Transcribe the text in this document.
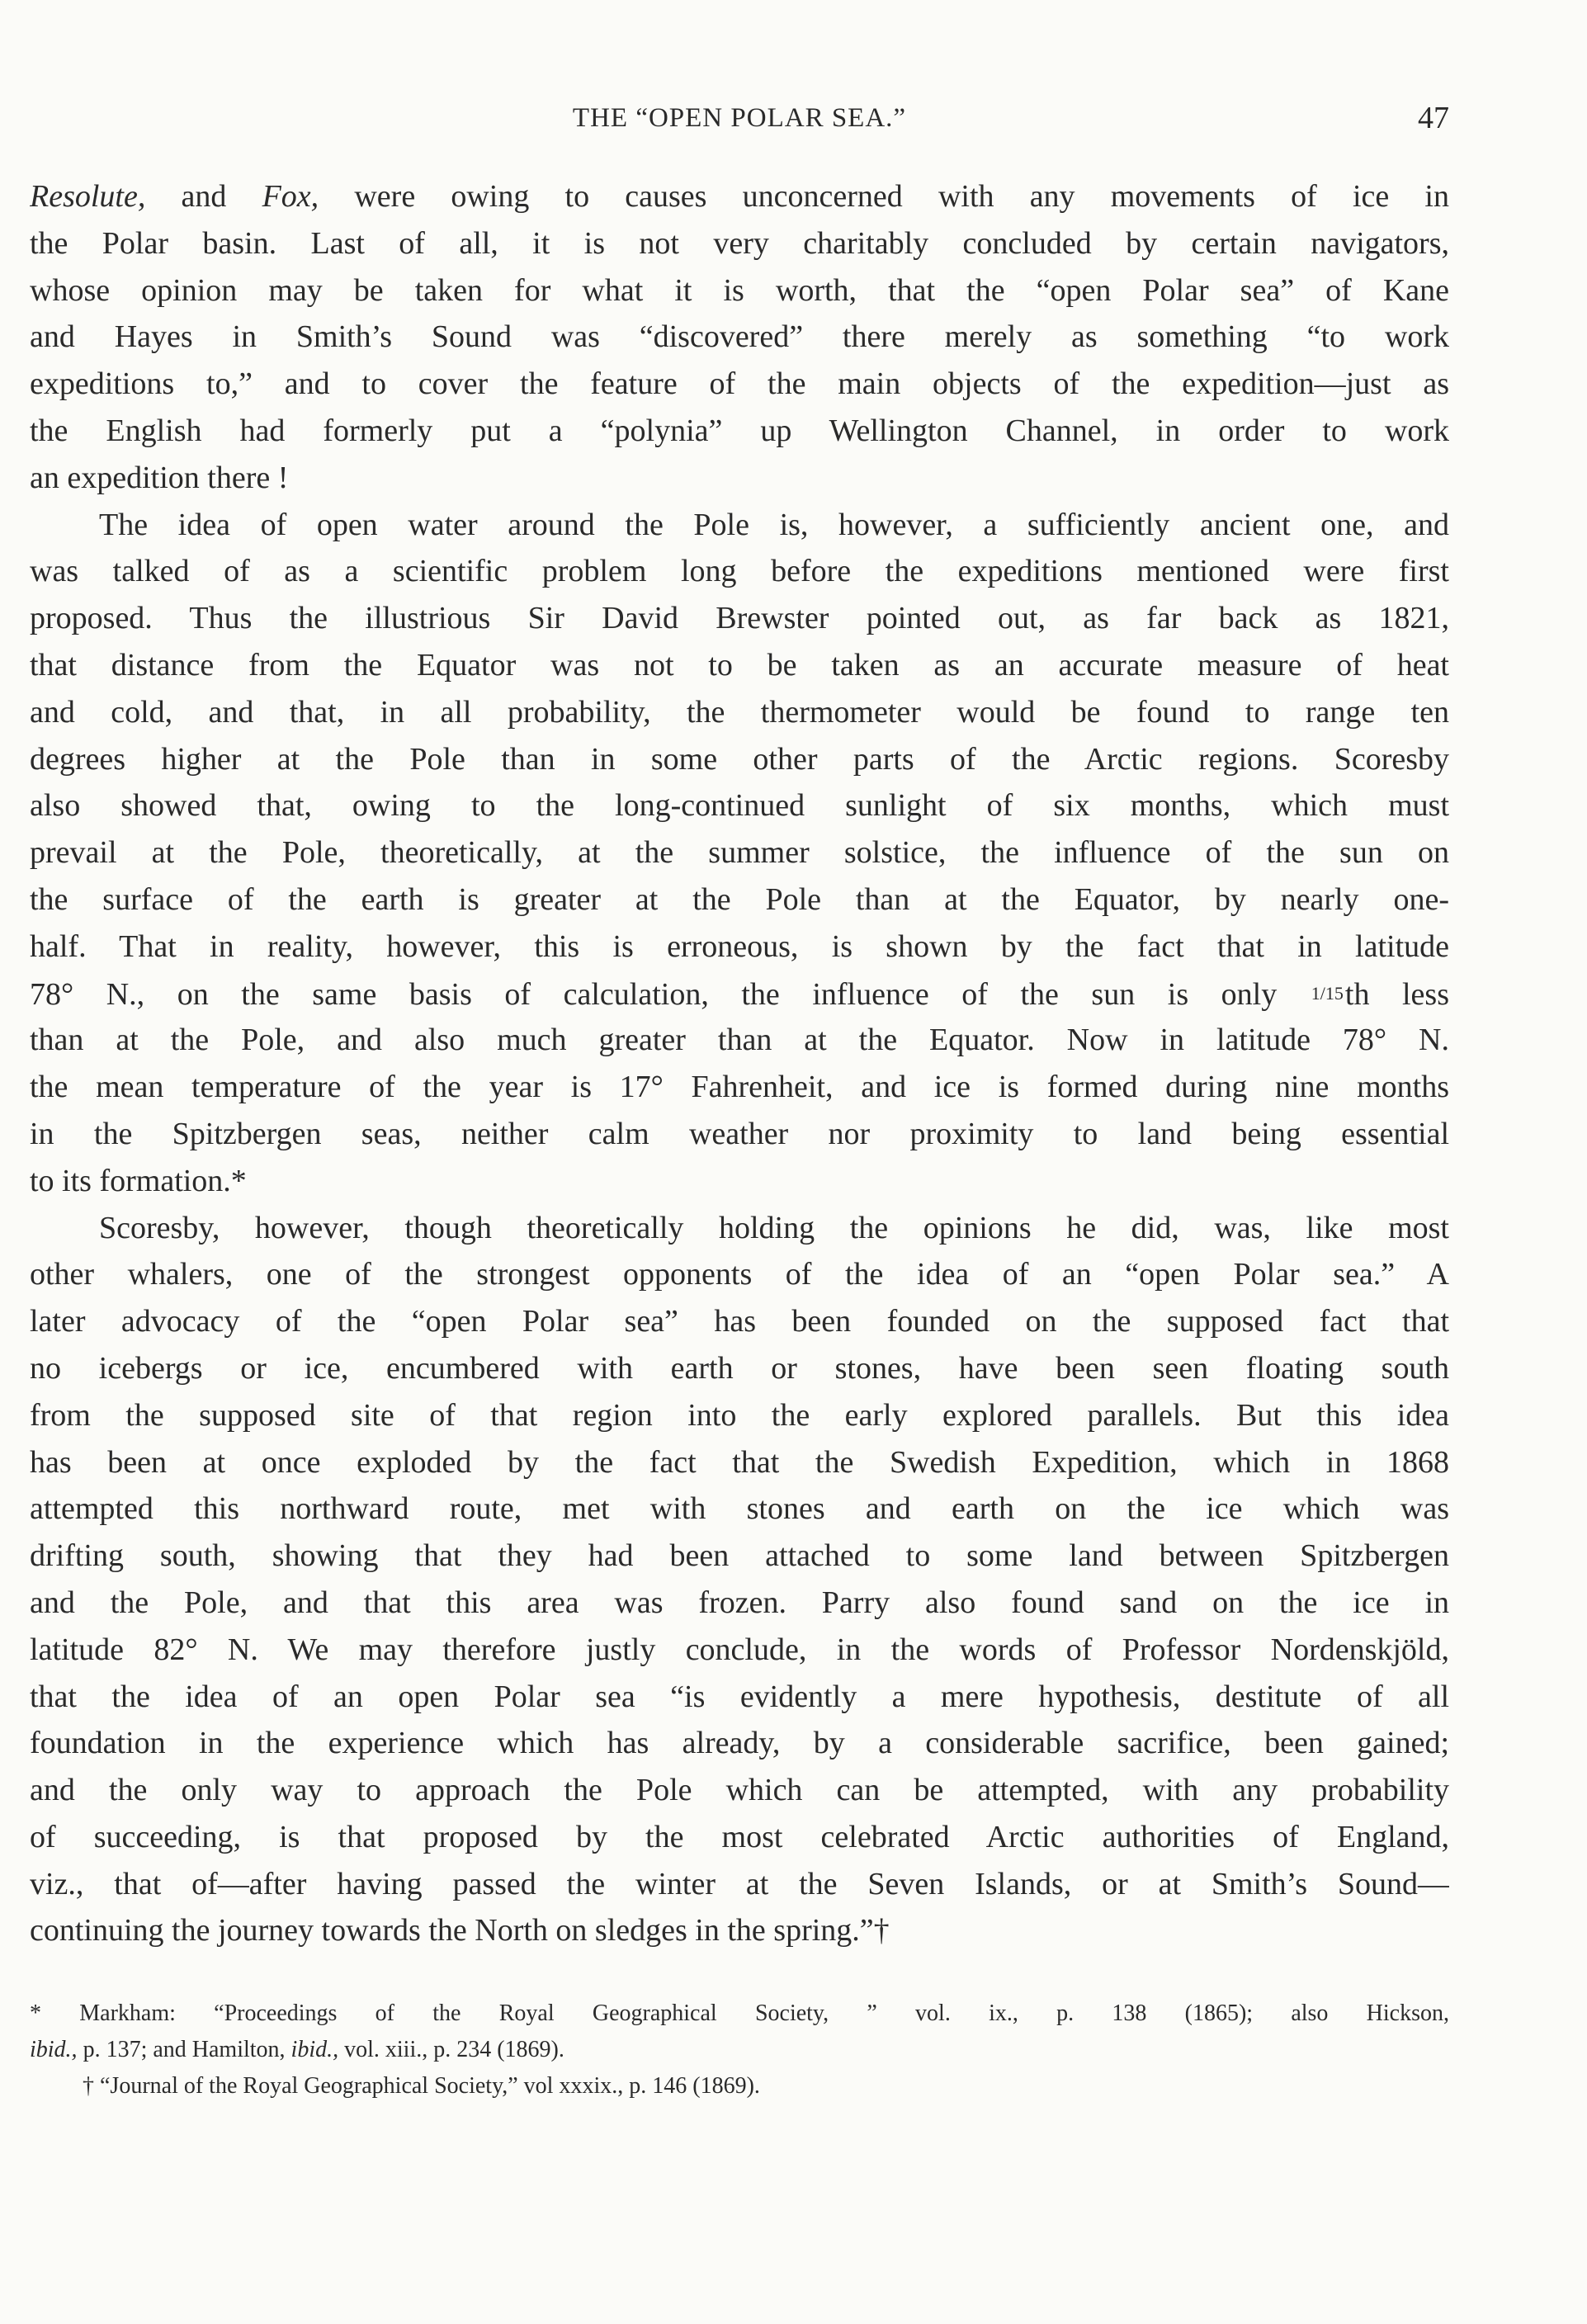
THE “OPEN POLAR SEA.”	47
Resolute, and Fox, were owing to causes unconcerned with any movements of ice in
the Polar basin. Last of all, it is not very charitably concluded by certain navigators,
whose opinion may be taken for what it is worth, that the “open Polar sea” of Kane
and Hayes in Smith’s Sound was “discovered” there merely as something “to work
expeditions to,” and to cover the feature of the main objects of the expedition—just as
the English had formerly put a “polynia” up Wellington Channel, in order to work
an expedition there !
The idea of open water around the Pole is, however, a sufficiently ancient one, and
was talked of as a scientific problem long before the expeditions mentioned were first
proposed. Thus the illustrious Sir David Brewster pointed out, as far back as 1821,
that distance from the Equator was not to be taken as an accurate measure of heat
and cold, and that, in all probability, the thermometer would be found to range ten
degrees higher at the Pole than in some other parts of the Arctic regions. Scoresby
also showed that, owing to the long-continued sunlight of six months, which must
prevail at the Pole, theoretically, at the summer solstice, the influence of the sun on
the surface of the earth is greater at the Pole than at the Equator, by nearly one-
half. That in reality, however, this is erroneous, is shown by the fact that in latitude
78° N., on the same basis of calculation, the influence of the sun is only 1/15th less
than at the Pole, and also much greater than at the Equator. Now in latitude 78° N.
the mean temperature of the year is 17° Fahrenheit, and ice is formed during nine months
in the Spitzbergen seas, neither calm weather nor proximity to land being essential
to its formation.*
Scoresby, however, though theoretically holding the opinions he did, was, like most
other whalers, one of the strongest opponents of the idea of an “open Polar sea.” A
later advocacy of the “open Polar sea” has been founded on the supposed fact that
no icebergs or ice, encumbered with earth or stones, have been seen floating south
from the supposed site of that region into the early explored parallels. But this idea
has been at once exploded by the fact that the Swedish Expedition, which in 1868
attempted this northward route, met with stones and earth on the ice which was
drifting south, showing that they had been attached to some land between Spitzbergen
and the Pole, and that this area was frozen. Parry also found sand on the ice in
latitude 82° N. We may therefore justly conclude, in the words of Professor Nordenskjöld,
that the idea of an open Polar sea “is evidently a mere hypothesis, destitute of all
foundation in the experience which has already, by a considerable sacrifice, been gained;
and the only way to approach the Pole which can be attempted, with any probability
of succeeding, is that proposed by the most celebrated Arctic authorities of England,
viz., that of—after having passed the winter at the Seven Islands, or at Smith’s Sound—
continuing the journey towards the North on sledges in the spring.”†
* Markham: “Proceedings of the Royal Geographical Society, ” vol. ix., p. 138 (1865); also Hickson,
ibid., p. 137; and Hamilton, ibid., vol. xiii., p. 234 (1869).
† “Journal of the Royal Geographical Society,” vol xxxix., p. 146 (1869).
